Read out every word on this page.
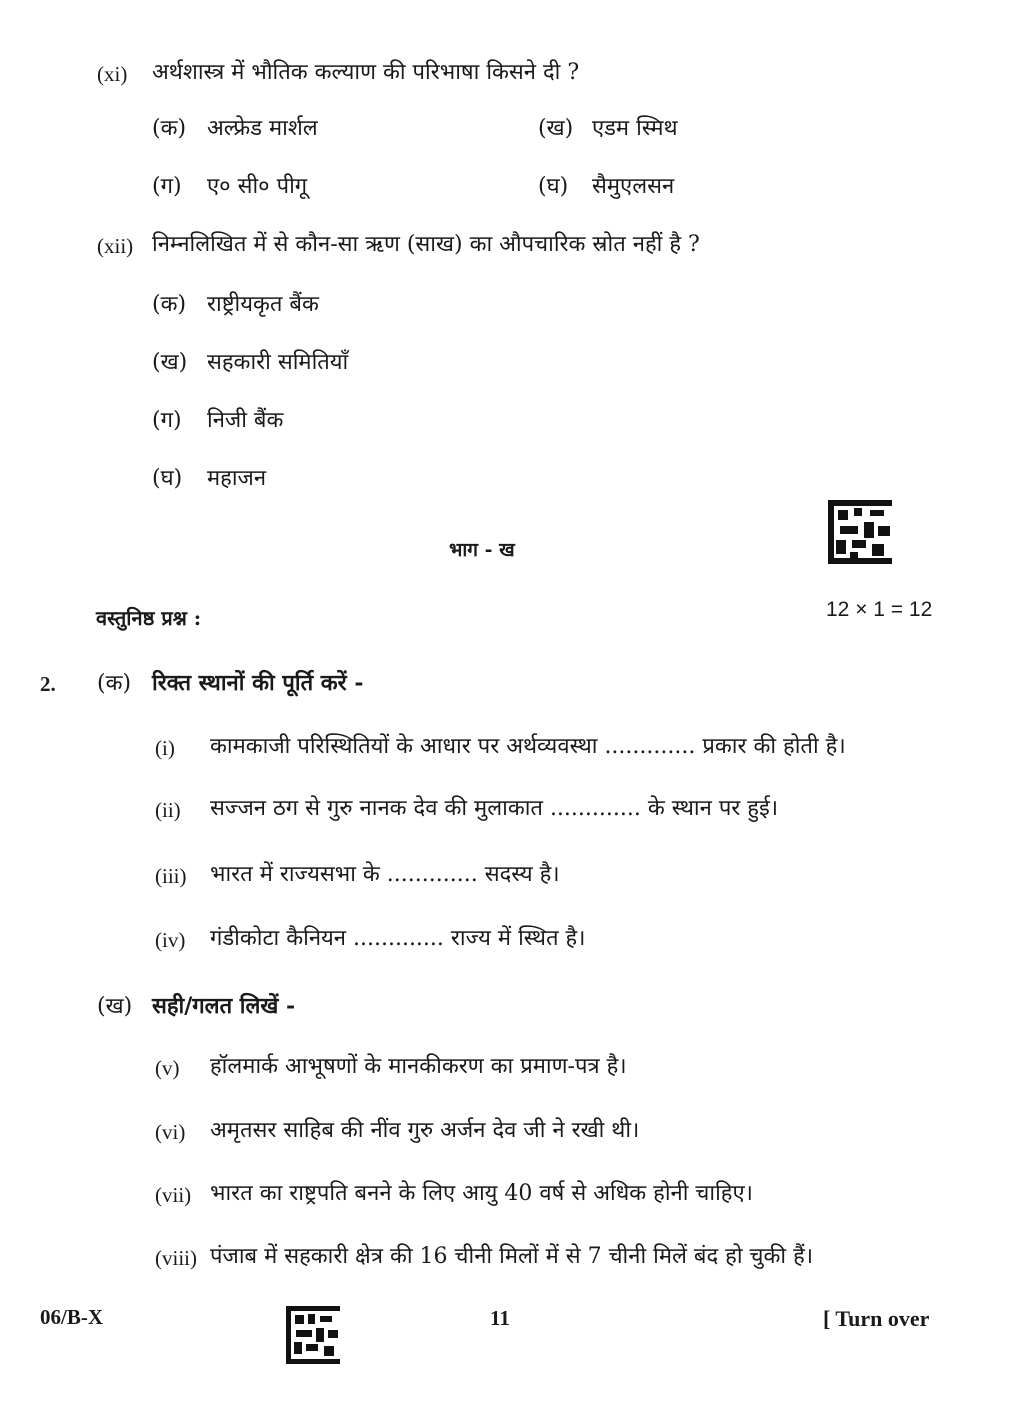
(xi) अर्थशास्त्र में भौतिक कल्याण की परिभाषा किसने दी ?
(क) अल्फ्रेड मार्शल	(ख) एडम स्मिथ
(ग) ए० सी० पीगू	(घ) सैमुएलसन
(xii) निम्नलिखित में से कौन-सा ऋण (साख) का औपचारिक स्रोत नहीं है ?
(क) राष्ट्रीयकृत बैंक
(ख) सहकारी समितियाँ
(ग) निजी बैंक
(घ) महाजन
भाग - ख
वस्तुनिष्ठ प्रश्न :	12 × 1 = 12
2. (क) रिक्त स्थानों की पूर्ति करें -
(i) कामकाजी परिस्थितियों के आधार पर अर्थव्यवस्था ............. प्रकार की होती है।
(ii) सज्जन ठग से गुरु नानक देव की मुलाकात ............. के स्थान पर हुई।
(iii) भारत में राज्यसभा के ............. सदस्य है।
(iv) गंडीकोटा कैनियन ............. राज्य में स्थित है।
(ख) सही/गलत लिखें -
(v) हॉलमार्क आभूषणों के मानकीकरण का प्रमाण-पत्र है।
(vi) अमृतसर साहिब की नींव गुरु अर्जन देव जी ने रखी थी।
(vii) भारत का राष्ट्रपति बनने के लिए आयु 40 वर्ष से अधिक होनी चाहिए।
(viii) पंजाब में सहकारी क्षेत्र की 16 चीनी मिलों में से 7 चीनी मिलें बंद हो चुकी हैं।
06/B-X	11	[ Turn over
